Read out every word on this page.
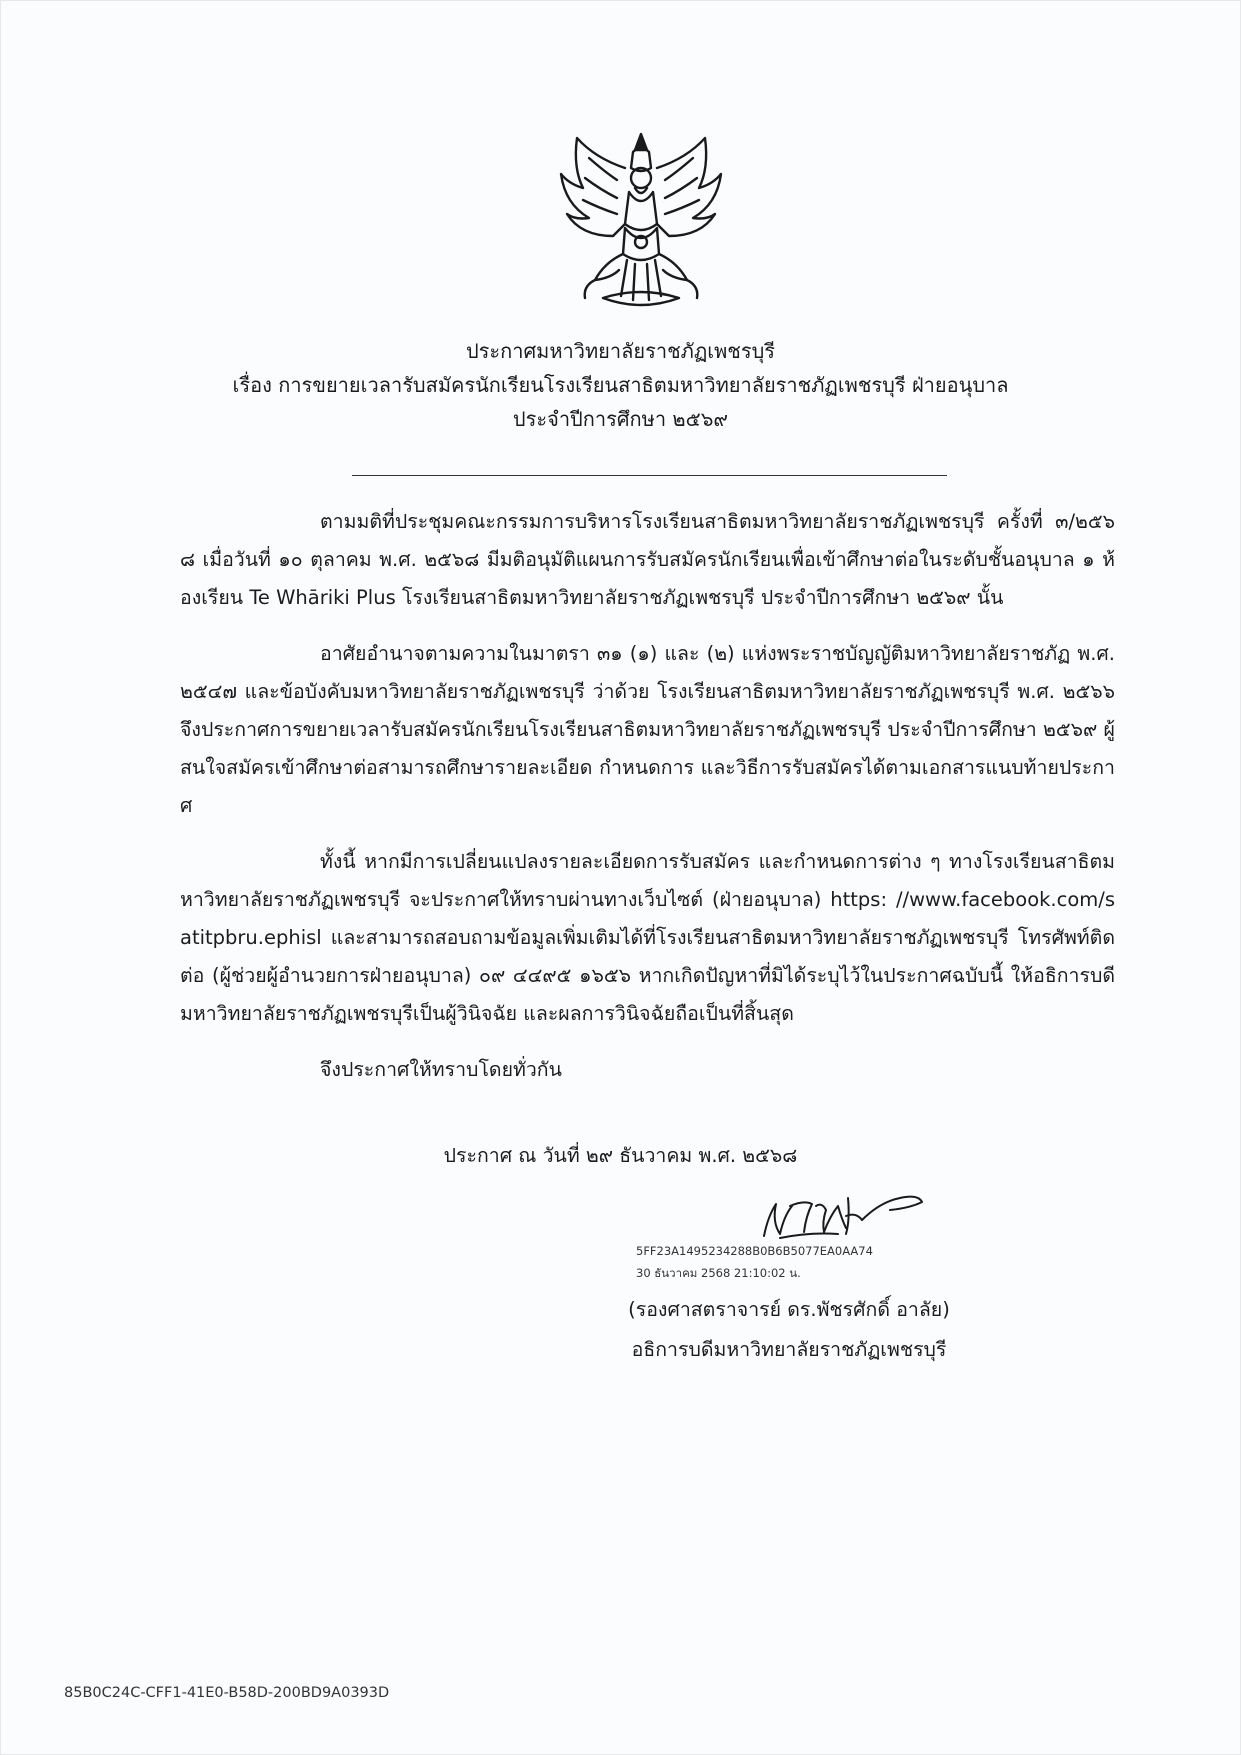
ประกาศมหาวิทยาลัยราชภัฏเพชรบุรี
เรื่อง การขยายเวลารับสมัครนักเรียนโรงเรียนสาธิตมหาวิทยาลัยราชภัฏเพชรบุรี ฝ่ายอนุบาล
ประจำปีการศึกษา ๒๕๖๙

ตามมติที่ประชุมคณะกรรมการบริหารโรงเรียนสาธิตมหาวิทยาลัยราชภัฏเพชรบุรี ครั้งที่ ๓/๒๕๖๘ เมื่อวันที่ ๑๐ ตุลาคม พ.ศ. ๒๕๖๘ มีมติอนุมัติแผนการรับสมัครนักเรียนเพื่อเข้าศึกษาต่อในระดับชั้นอนุบาล ๑ ห้องเรียน Te Whāriki Plus โรงเรียนสาธิตมหาวิทยาลัยราชภัฏเพชรบุรี ประจำปีการศึกษา ๒๕๖๙ นั้น

อาศัยอำนาจตามความในมาตรา ๓๑ (๑) และ (๒) แห่งพระราชบัญญัติมหาวิทยาลัยราชภัฏ พ.ศ. ๒๕๔๗ และข้อบังคับมหาวิทยาลัยราชภัฏเพชรบุรี ว่าด้วย โรงเรียนสาธิตมหาวิทยาลัยราชภัฏเพชรบุรี พ.ศ. ๒๕๖๖ จึงประกาศการขยายเวลารับสมัครนักเรียนโรงเรียนสาธิตมหาวิทยาลัยราชภัฏเพชรบุรี ประจำปีการศึกษา ๒๕๖๙ ผู้สนใจสมัครเข้าศึกษาต่อสามารถศึกษารายละเอียด กำหนดการ และวิธีการรับสมัครได้ตามเอกสารแนบท้ายประกาศ

ทั้งนี้ หากมีการเปลี่ยนแปลงรายละเอียดการรับสมัคร และกำหนดการต่าง ๆ ทางโรงเรียนสาธิตมหาวิทยาลัยราชภัฏเพชรบุรี จะประกาศให้ทราบผ่านทางเว็บไซต์ (ฝ่ายอนุบาล) https: //www.facebook.com/satitpbru.ephisl และสามารถสอบถามข้อมูลเพิ่มเติมได้ที่โรงเรียนสาธิตมหาวิทยาลัยราชภัฏเพชรบุรี โทรศัพท์ติดต่อ (ผู้ช่วยผู้อำนวยการฝ่ายอนุบาล) ๐๙ ๔๔๙๕ ๑๖๕๖ หากเกิดปัญหาที่มิได้ระบุไว้ในประกาศฉบับนี้ ให้อธิการบดีมหาวิทยาลัยราชภัฏเพชรบุรีเป็นผู้วินิจฉัย และผลการวินิจฉัยถือเป็นที่สิ้นสุด

จึงประกาศให้ทราบโดยทั่วกัน

ประกาศ ณ วันที่ ๒๙ ธันวาคม พ.ศ. ๒๕๖๘
5FF23A1495234288B0B6B5077EA0AA74
30 ธันวาคม 2568 21:10:02 น.
(รองศาสตราจารย์ ดร.พัชรศักดิ์ อาลัย)
อธิการบดีมหาวิทยาลัยราชภัฏเพชรบุรี
85B0C24C-CFF1-41E0-B58D-200BD9A0393D
